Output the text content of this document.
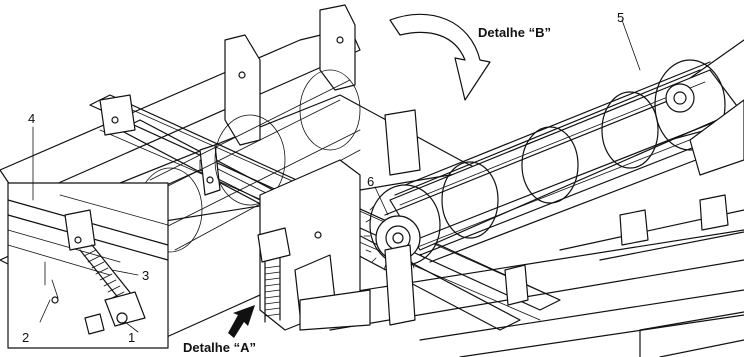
1
2
3
4
5
6
Detalhe “B”
Detalhe “A”
